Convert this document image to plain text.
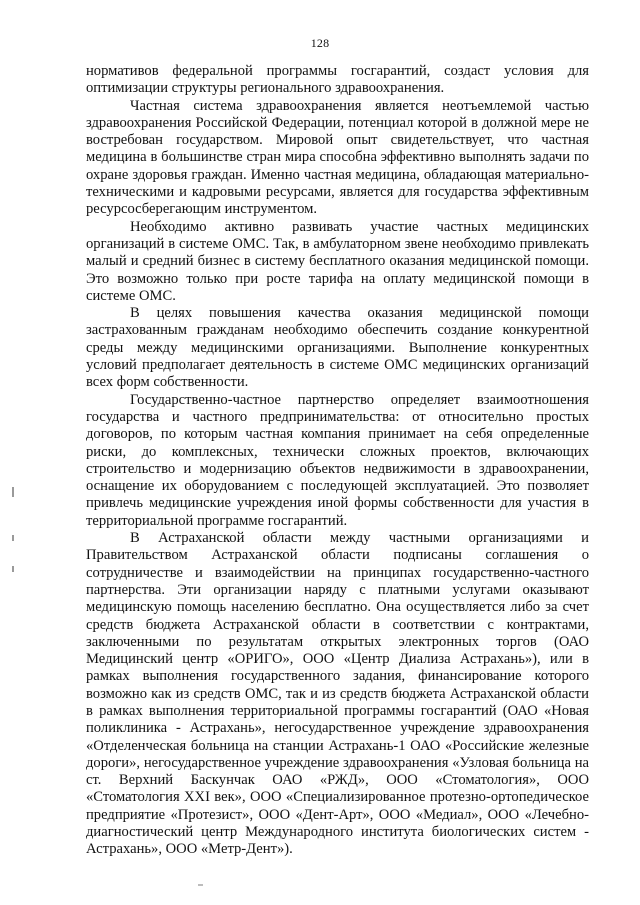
128

нормативов федеральной программы госгарантий, создаст условия для оптимизации структуры регионального здравоохранения.

Частная система здравоохранения является неотъемлемой частью здравоохранения Российской Федерации, потенциал которой в должной мере не востребован государством. Мировой опыт свидетельствует, что частная медицина в большинстве стран мира способна эффективно выполнять задачи по охране здоровья граждан. Именно частная медицина, обладающая материально-техническими и кадровыми ресурсами, является для государства эффективным ресурсосберегающим инструментом.

Необходимо активно развивать участие частных медицинских организаций в системе ОМС. Так, в амбулаторном звене необходимо привлекать малый и средний бизнес в систему бесплатного оказания медицинской помощи. Это возможно только при росте тарифа на оплату медицинской помощи в системе ОМС.

В целях повышения качества оказания медицинской помощи застрахованным гражданам необходимо обеспечить создание конкурентной среды между медицинскими организациями. Выполнение конкурентных условий предполагает деятельность в системе ОМС медицинских организаций всех форм собственности.

Государственно-частное партнерство определяет взаимоотношения государства и частного предпринимательства: от относительно простых договоров, по которым частная компания принимает на себя определенные риски, до комплексных, технически сложных проектов, включающих строительство и модернизацию объектов недвижимости в здравоохранении, оснащение их оборудованием с последующей эксплуатацией. Это позволяет привлечь медицинские учреждения иной формы собственности для участия в территориальной программе госгарантий.

В Астраханской области между частными организациями и Правительством Астраханской области подписаны соглашения о сотрудничестве и взаимодействии на принципах государственно-частного партнерства. Эти организации наряду с платными услугами оказывают медицинскую помощь населению бесплатно. Она осуществляется либо за счет средств бюджета Астраханской области в соответствии с контрактами, заключенными по результатам открытых электронных торгов (ОАО Медицинский центр «ОРИГО», ООО «Центр Диализа Астрахань»), или в рамках выполнения государственного задания, финансирование которого возможно как из средств ОМС, так и из средств бюджета Астраханской области в рамках выполнения территориальной программы госгарантий (ОАО «Новая поликлиника - Астрахань», негосударственное учреждение здравоохранения «Отделенческая больница на станции Астрахань-1 ОАО «Российские железные дороги», негосударственное учреждение здравоохранения «Узловая больница на ст. Верхний Баскунчак ОАО «РЖД», ООО «Стоматология», ООО «Стоматология XXI век», ООО «Специализированное протезно-ортопедическое предприятие «Протезист», ООО «Дент-Арт», ООО «Медиал», ООО «Лечебно-диагностический центр Международного института биологических систем - Астрахань», ООО «Метр-Дент»).
